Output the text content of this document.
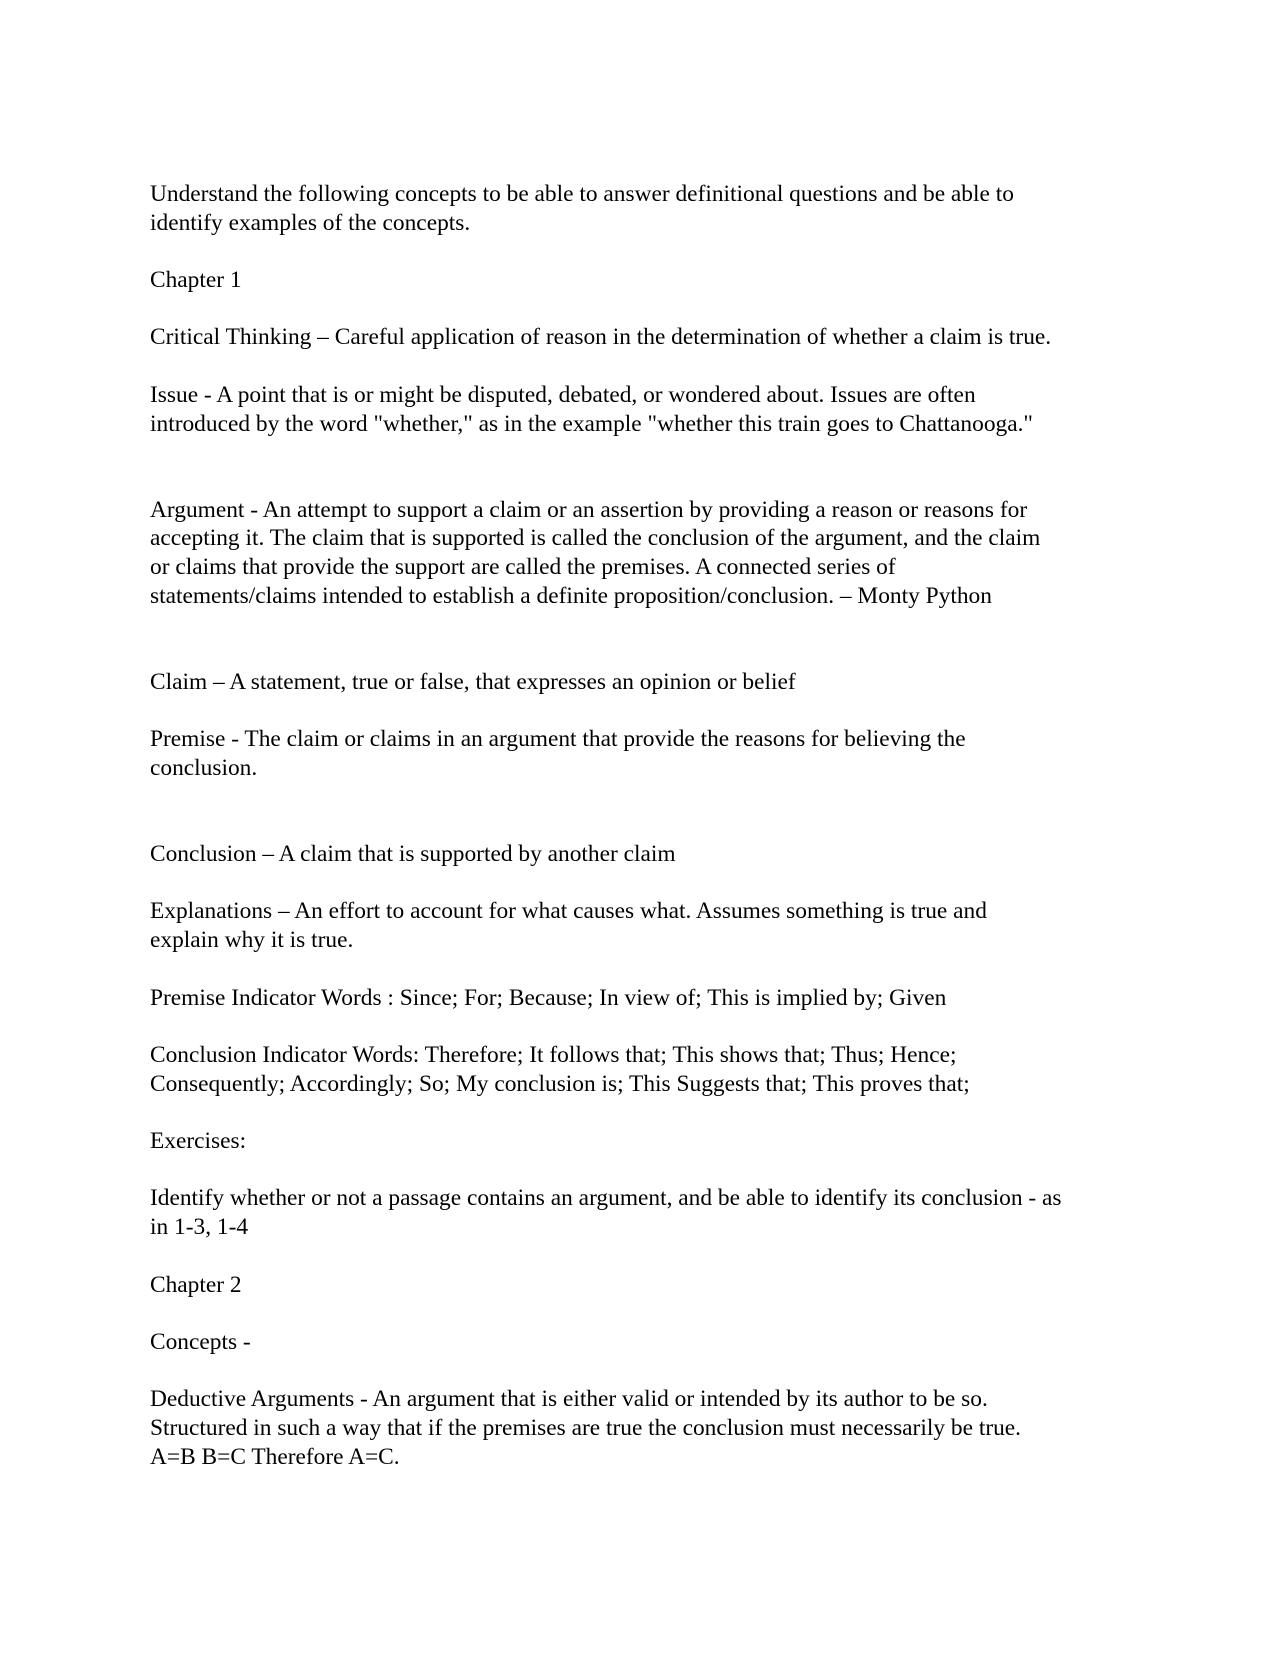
Understand the following concepts to be able to answer definitional questions and be able to
identify examples of the concepts.

Chapter 1

Critical Thinking – Careful application of reason in the determination of whether a claim is true.

Issue - A point that is or might be disputed, debated, or wondered about. Issues are often
introduced by the word "whether," as in the example "whether this train goes to Chattanooga."

Argument - An attempt to support a claim or an assertion by providing a reason or reasons for
accepting it. The claim that is supported is called the conclusion of the argument, and the claim
or claims that provide the support are called the premises. A connected series of
statements/claims intended to establish a definite proposition/conclusion. – Monty Python

Claim – A statement, true or false, that expresses an opinion or belief

Premise - The claim or claims in an argument that provide the reasons for believing the
conclusion.

Conclusion – A claim that is supported by another claim

Explanations – An effort to account for what causes what. Assumes something is true and
explain why it is true.

Premise Indicator Words : Since; For; Because; In view of; This is implied by; Given

Conclusion Indicator Words: Therefore; It follows that; This shows that; Thus; Hence;
Consequently; Accordingly; So; My conclusion is; This Suggests that; This proves that;

Exercises:

Identify whether or not a passage contains an argument, and be able to identify its conclusion - as
in 1-3, 1-4

Chapter 2

Concepts -

Deductive Arguments - An argument that is either valid or intended by its author to be so.
Structured in such a way that if the premises are true the conclusion must necessarily be true.
A=B B=C Therefore A=C.
